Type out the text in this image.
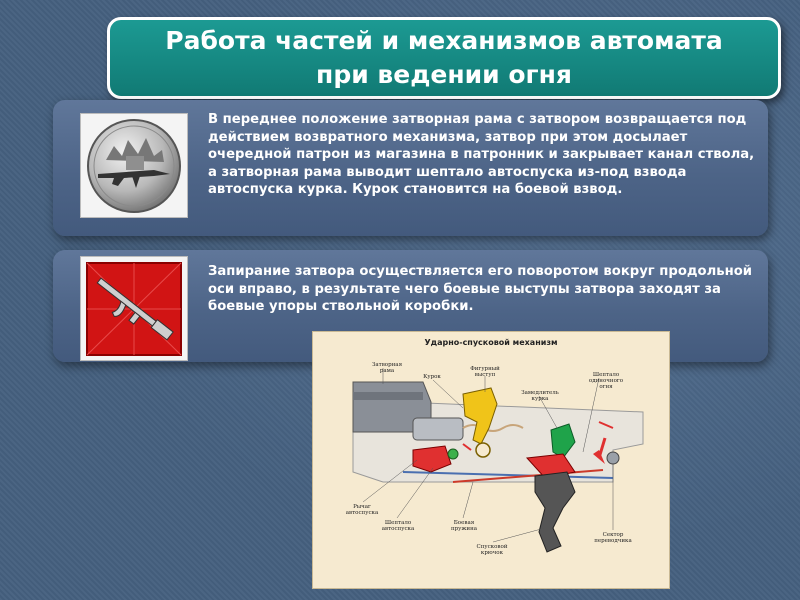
Работа частей и механизмов автомата
при ведении огня
В переднее положение затворная рама с затвором возвращается под действием возвратного механизма, затвор при этом досылает очередной патрон из магазина в патронник и закрывает канал ствола, а затворная рама выводит шептало автоспуска из-под взвода автоспуска курка. Курок становится на боевой взвод.
Запирание затвора осуществляется его поворотом вокруг продольной оси вправо, в результате чего боевые выступы затвора заходят за боевые упоры ствольной коробки.
Ударно-спусковой механизм
Затворная рама
Курок
Фигурный выступ
Замедлитель курка
Шептало одиночного огня
Рычаг автоспуска
Шептало автоспуска
Боевая пружина
Спусковой крючок
Сектор переводчика
